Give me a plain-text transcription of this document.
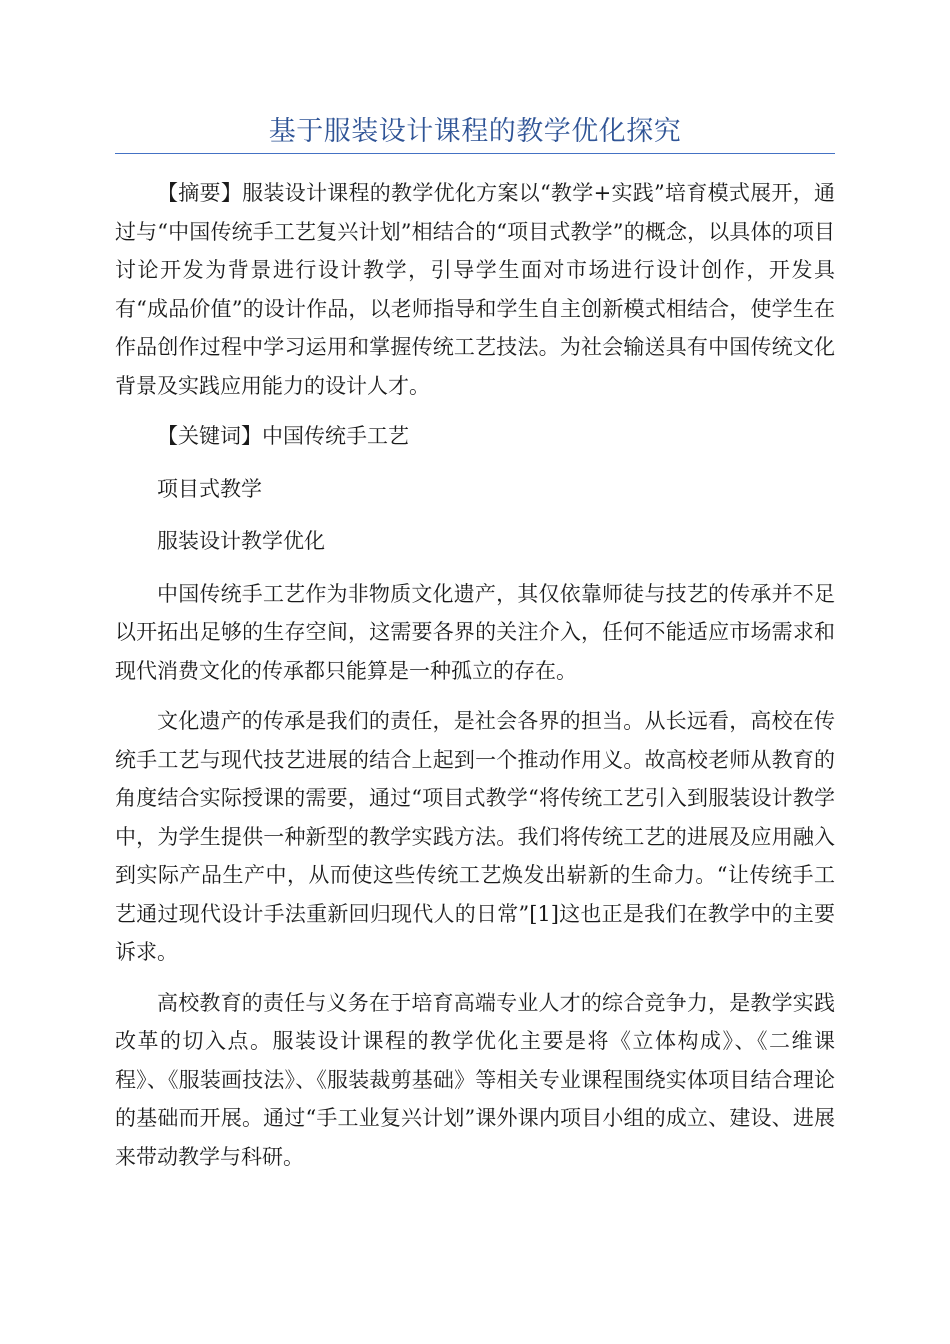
基于服装设计课程的教学优化探究

【摘要】服装设计课程的教学优化方案以“教学+实践”培育模式展开，通过与“中国传统手工艺复兴计划”相结合的“项目式教学”的概念，以具体的项目讨论开发为背景进行设计教学，引导学生面对市场进行设计创作，开发具有“成品价值”的设计作品，以老师指导和学生自主创新模式相结合，使学生在作品创作过程中学习运用和掌握传统工艺技法。为社会输送具有中国传统文化背景及实践应用能力的设计人才。

【关键词】中国传统手工艺

项目式教学

服装设计教学优化

中国传统手工艺作为非物质文化遗产，其仅依靠师徒与技艺的传承并不足以开拓出足够的生存空间，这需要各界的关注介入，任何不能适应市场需求和现代消费文化的传承都只能算是一种孤立的存在。

文化遗产的传承是我们的责任，是社会各界的担当。从长远看，高校在传统手工艺与现代技艺进展的结合上起到一个推动作用义。故高校老师从教育的角度结合实际授课的需要，通过“项目式教学“将传统工艺引入到服装设计教学中，为学生提供一种新型的教学实践方法。我们将传统工艺的进展及应用融入到实际产品生产中，从而使这些传统工艺焕发出崭新的生命力。“让传统手工艺通过现代设计手法重新回归现代人的日常”[1]这也正是我们在教学中的主要诉求。

高校教育的责任与义务在于培育高端专业人才的综合竞争力，是教学实践改革的切入点。服装设计课程的教学优化主要是将《立体构成》、《二维课程》、《服装画技法》、《服装裁剪基础》等相关专业课程围绕实体项目结合理论的基础而开展。通过“手工业复兴计划”课外课内项目小组的成立、建设、进展来带动教学与科研。
